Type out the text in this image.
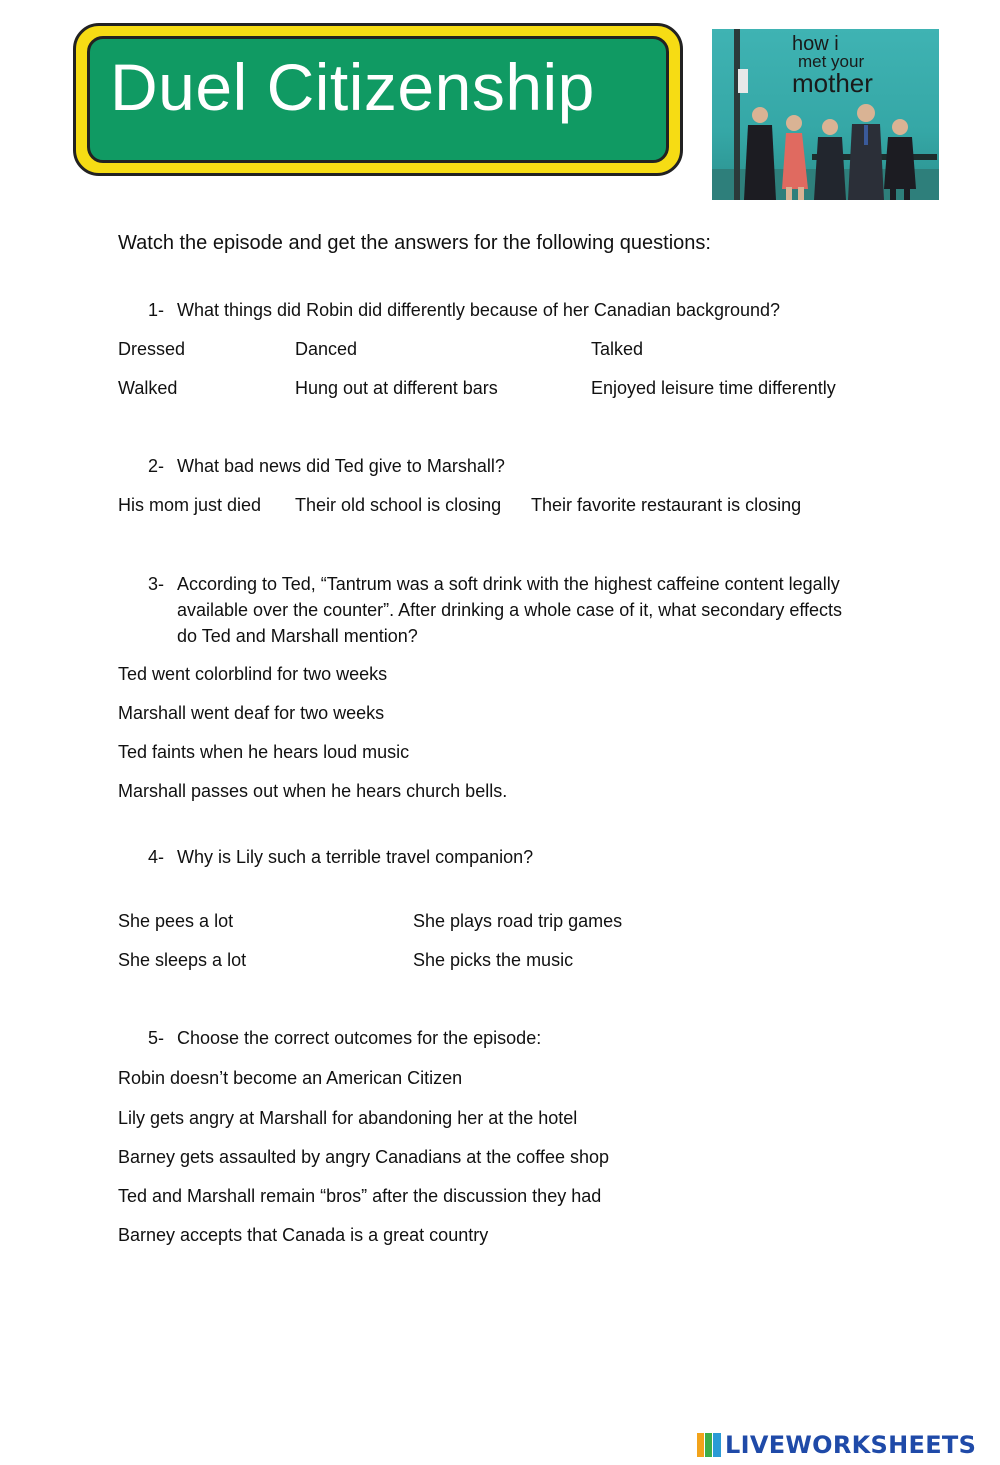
Duel Citizenship
how i
met your
mother
Watch the episode and get the answers for the following questions:
1- What things did Robin did differently because of her Canadian background?
Dressed	Danced	Talked
Walked	Hung out at different bars	Enjoyed leisure time differently
2- What bad news did Ted give to Marshall?
His mom just died Their old school is closing Their favorite restaurant is closing
3- According to Ted, “Tantrum was a soft drink with the highest caffeine content legally
available over the counter”. After drinking a whole case of it, what secondary effects
do Ted and Marshall mention?
Ted went colorblind for two weeks
Marshall went deaf for two weeks
Ted faints when he hears loud music
Marshall passes out when he hears church bells.
4- Why is Lily such a terrible travel companion?
She pees a lot	She plays road trip games
She sleeps a lot	She picks the music
5- Choose the correct outcomes for the episode:
Robin doesn’t become an American Citizen
Lily gets angry at Marshall for abandoning her at the hotel
Barney gets assaulted by angry Canadians at the coffee shop
Ted and Marshall remain “bros” after the discussion they had
Barney accepts that Canada is a great country
LIVEWORKSHEETS
